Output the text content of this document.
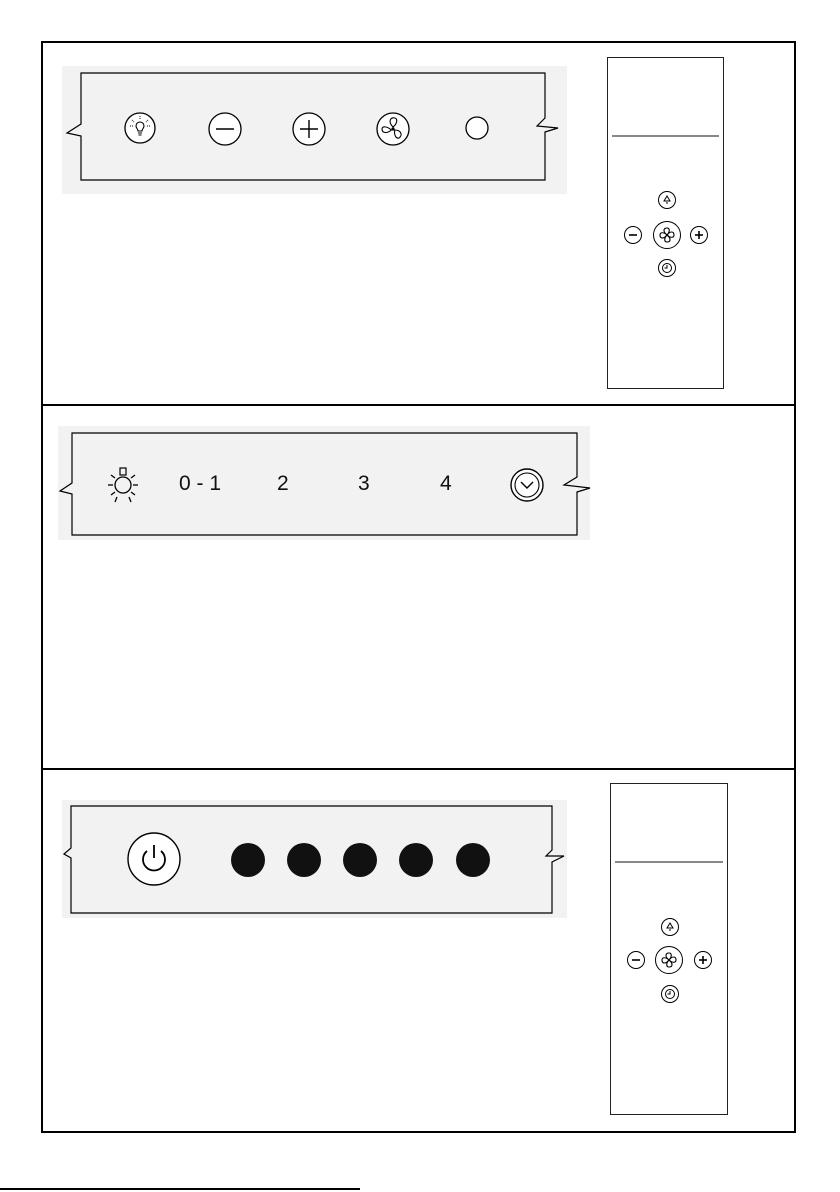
0 - 1	2	3	4
